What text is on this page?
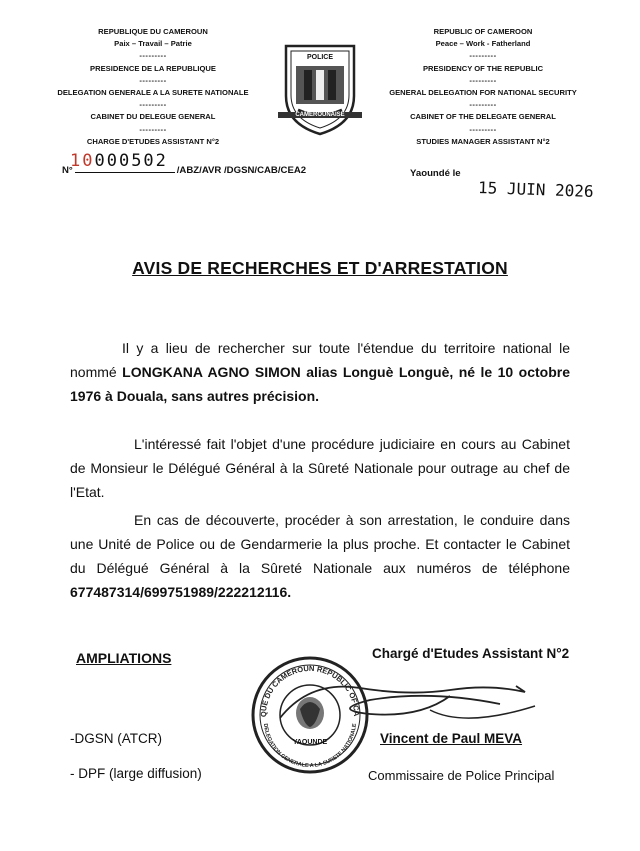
REPUBLIQUE DU CAMEROUN
Paix – Travail – Patrie
---------
PRESIDENCE DE LA REPUBLIQUE
---------
DELEGATION GENERALE A LA SURETE NATIONALE
---------
CABINET DU DELEGUE GENERAL
---------
CHARGE D'ETUDES ASSISTANT N°2
REPUBLIC OF CAMEROON
Peace – Work - Fatherland
---------
PRESIDENCY OF THE REPUBLIC
---------
GENERAL DELEGATION FOR NATIONAL SECURITY
---------
CABINET OF THE DELEGATE GENERAL
---------
STUDIES MANAGER ASSISTANT N°2
POLICE
CAMEROUNAISE
10000502
N°	/ABZ/AVR /DGSN/CAB/CEA2	Yaoundé le
15 JUIN 2026
AVIS DE RECHERCHES ET D'ARRESTATION
Il y a lieu de rechercher sur toute l'étendue du territoire national le nommé LONGKANA AGNO SIMON alias Longuè Longuè, né le 10 octobre 1976 à Douala, sans autres précision.
L'intéressé fait l'objet d'une procédure judiciaire en cours au Cabinet de Monsieur le Délégué Général à la Sûreté Nationale pour outrage au chef de l'Etat.
En cas de découverte, procéder à son arrestation, le conduire dans une Unité de Police ou de Gendarmerie la plus proche. Et contacter le Cabinet du Délégué Général à la Sûreté Nationale aux numéros de téléphone 677487314/699751989/222212116.
Chargé d'Etudes Assistant N°2
Vincent de Paul MEVA
Commissaire de Police Principal
QUE DU CAMEROUN REPUBLIC OF CA
DELEGATION GENERALE A LA SURETE NATIONALE
YAOUNDE
AMPLIATIONS
-DGSN (ATCR)
- DPF (large diffusion)
